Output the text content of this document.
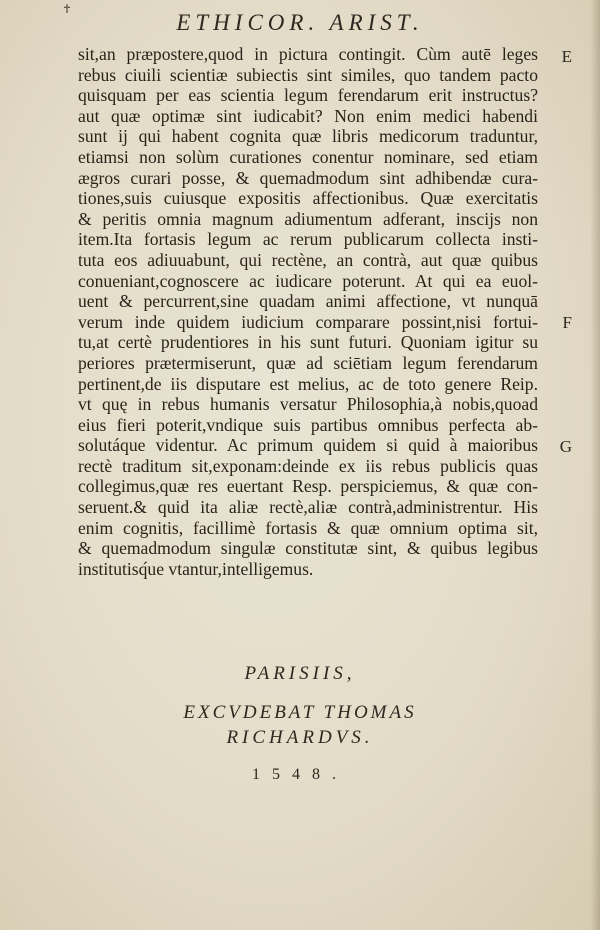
✝
ETHICOR. ARIST.
sit,an præpostere,quod in pictura contingit. Cùm autē leges
rebus ciuili scientiæ subiectis sint similes, quo tandem pacto
quisquam per eas scientia legum ferendarum erit instructus?
aut quæ optimæ sint iudicabit? Non enim medici habendi
sunt ij qui habent cognita quæ libris medicorum traduntur,
etiamsi non solùm curationes conentur nominare, sed etiam
ægros curari posse, & quemadmodum sint adhibendæ cura-
tiones,suis cuiusque expositis affectionibus. Quæ exercitatis
& peritis omnia magnum adiumentum adferant, inscijs non
item.Ita fortasis legum ac rerum publicarum collecta insti-
tuta eos adiuuabunt, qui rectène, an contrà, aut quæ quibus
conueniant,cognoscere ac iudicare poterunt. At qui ea euol-
uent & percurrent,sine quadam animi affectione, vt nunquā
verum inde quidem iudicium comparare possint,nisi fortui-
tu,at certè prudentiores in his sunt futuri. Quoniam igitur su
periores prætermiserunt, quæ ad sciētiam legum ferendarum
pertinent,de iis disputare est melius, ac de toto genere Reip.
vt quę in rebus humanis versatur Philosophia,à nobis,quoad
eius fieri poterit,vndique suis partibus omnibus perfecta ab-
solutáque videntur. Ac primum quidem si quid à maioribus
rectè traditum sit,exponam:deinde ex iis rebus publicis quas
collegimus,quæ res euertant Resp. perspiciemus, & quæ con-
seruent.& quid ita aliæ rectè,aliæ contrà,administrentur. His
enim cognitis, facillimè fortasis & quæ omnium optima sit,
& quemadmodum singulæ constitutæ sint, & quibus legibus
institutisq́ue vtantur,intelligemus.
E
F
G
PARISIIS,
EXCVDEBAT THOMAS
RICHARDVS.
1548.
